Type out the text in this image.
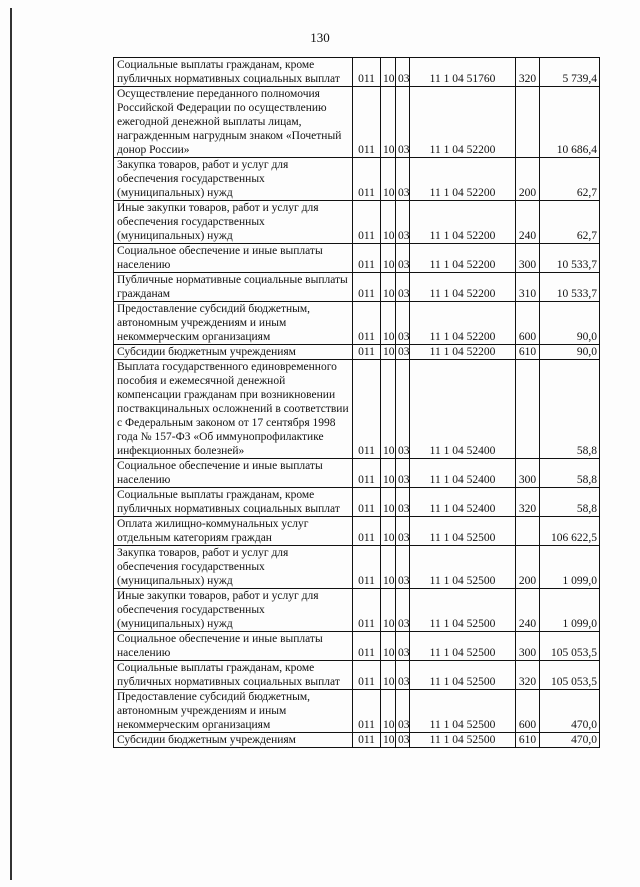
130
Социальные выплаты гражданам, кроме публичных нормативных социальных выплат	011	10	03	11 1 04 51760	320	5 739,4

Осуществление переданного полномочия Российской Федерации по осуществлению ежегодной денежной выплаты лицам, награжденным нагрудным знаком «Почетный донор России»	011	10	03	11 1 04 52200		10 686,4

Закупка товаров, работ и услуг для обеспечения государственных (муниципальных) нужд	011	10	03	11 1 04 52200	200	62,7

Иные закупки товаров, работ и услуг для обеспечения государственных (муниципальных) нужд	011	10	03	11 1 04 52200	240	62,7

Социальное обеспечение и иные выплаты населению	011	10	03	11 1 04 52200	300	10 533,7

Публичные нормативные социальные выплаты гражданам	011	10	03	11 1 04 52200	310	10 533,7

Предоставление субсидий бюджетным, автономным учреждениям и иным некоммерческим организациям	011	10	03	11 1 04 52200	600	90,0

Субсидии бюджетным учреждениям	011	10	03	11 1 04 52200	610	90,0

Выплата государственного единовременного пособия и ежемесячной денежной компенсации гражданам при возникновении поствакцинальных осложнений в соответствии с Федеральным законом от 17 сентября 1998 года № 157-ФЗ «Об иммунопрофилактике инфекционных болезней»	011	10	03	11 1 04 52400		58,8

Социальное обеспечение и иные выплаты населению	011	10	03	11 1 04 52400	300	58,8

Социальные выплаты гражданам, кроме публичных нормативных социальных выплат	011	10	03	11 1 04 52400	320	58,8

Оплата жилищно-коммунальных услуг отдельным категориям граждан	011	10	03	11 1 04 52500		106 622,5

Закупка товаров, работ и услуг для обеспечения государственных (муниципальных) нужд	011	10	03	11 1 04 52500	200	1 099,0

Иные закупки товаров, работ и услуг для обеспечения государственных (муниципальных) нужд	011	10	03	11 1 04 52500	240	1 099,0

Социальное обеспечение и иные выплаты населению	011	10	03	11 1 04 52500	300	105 053,5

Социальные выплаты гражданам, кроме публичных нормативных социальных выплат	011	10	03	11 1 04 52500	320	105 053,5

Предоставление субсидий бюджетным, автономным учреждениям и иным некоммерческим организациям	011	10	03	11 1 04 52500	600	470,0

Субсидии бюджетным учреждениям	011	10	03	11 1 04 52500	610	470,0
